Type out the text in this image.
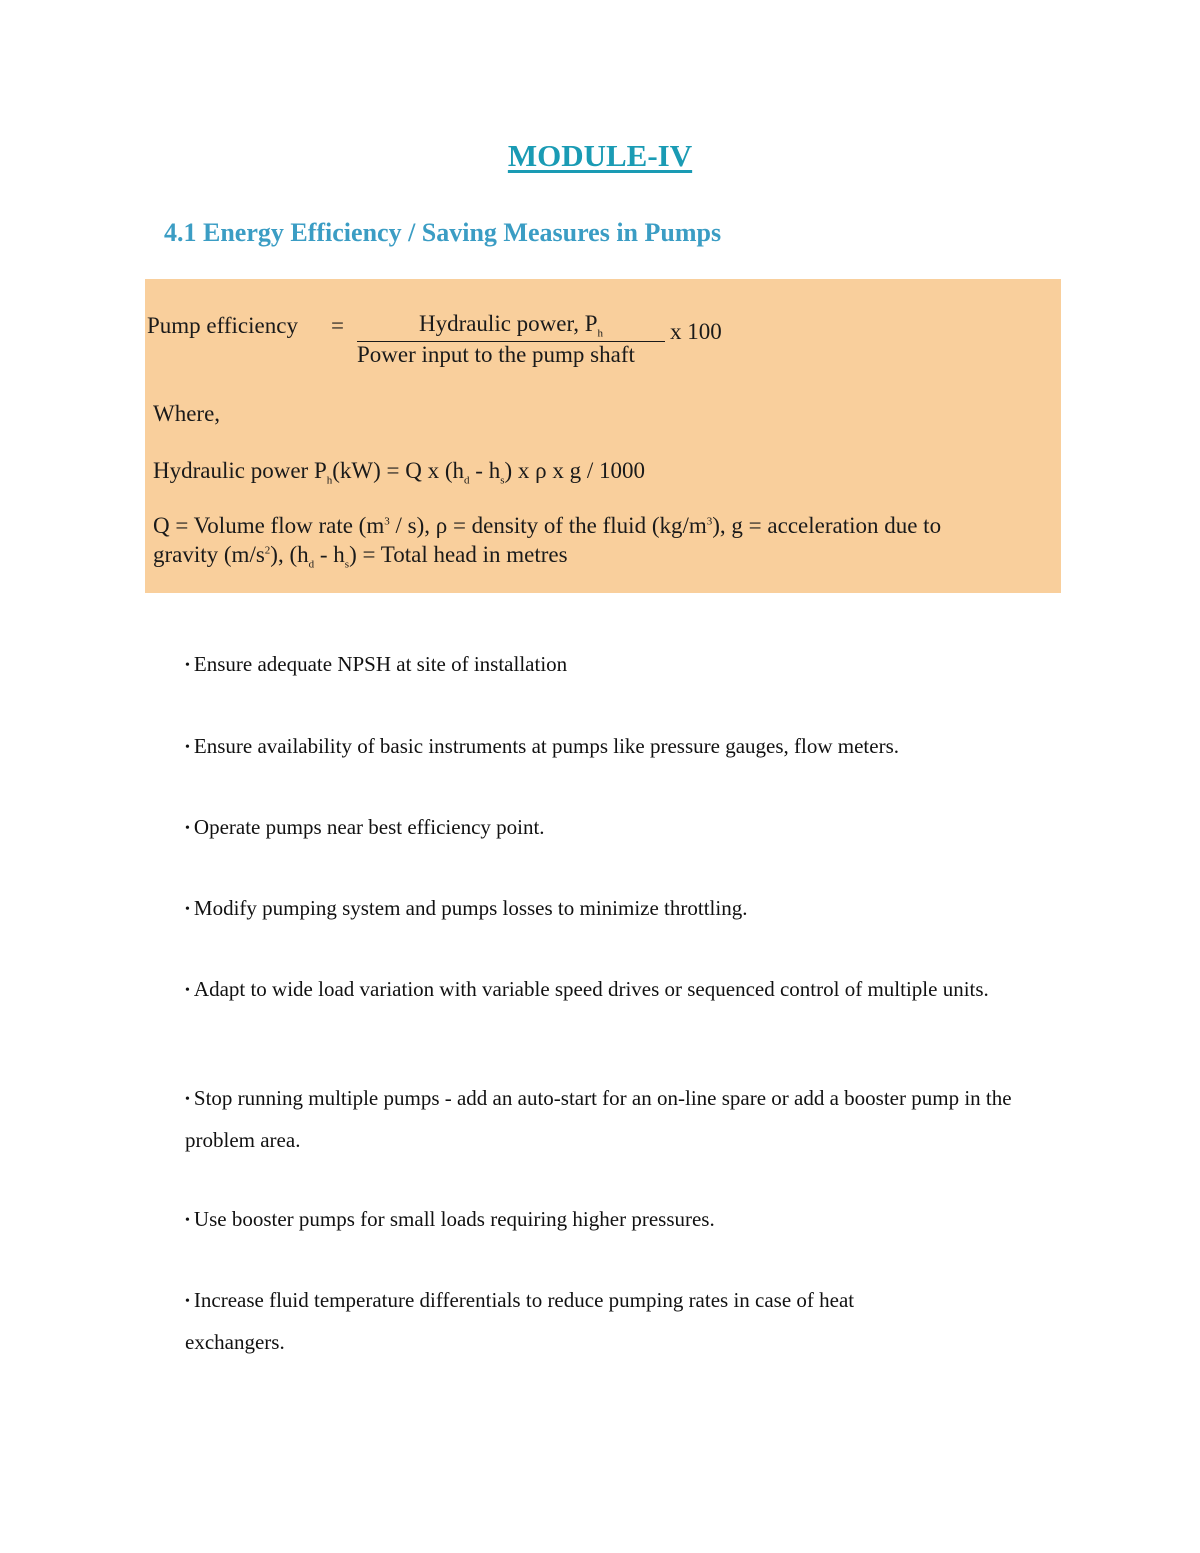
MODULE-IV
4.1 Energy Efficiency / Saving Measures in Pumps
Pump efficiency =	Hydraulic power, $P_h$	x 100
Power input to the pump shaft
Where,
Hydraulic power $P_h(kW) = Q$ x $(h_d - h_s)$ x ρ x g / 1000
Q = Volume flow rate $(m^3 / s)$, ρ = density of the fluid $(kg/m^3)$, g = acceleration due to
gravity $(m/s^2)$, $(h_d - h_s)$ = Total head in metres
• Ensure adequate NPSH at site of installation
• Ensure availability of basic instruments at pumps like pressure gauges, flow meters.
• Operate pumps near best efficiency point.
• Modify pumping system and pumps losses to minimize throttling.
• Adapt to wide load variation with variable speed drives or sequenced control of multiple units.
• Stop running multiple pumps - add an auto-start for an on-line spare or add a booster pump in the problem area.
• Use booster pumps for small loads requiring higher pressures.
• Increase fluid temperature differentials to reduce pumping rates in case of heat exchangers.
